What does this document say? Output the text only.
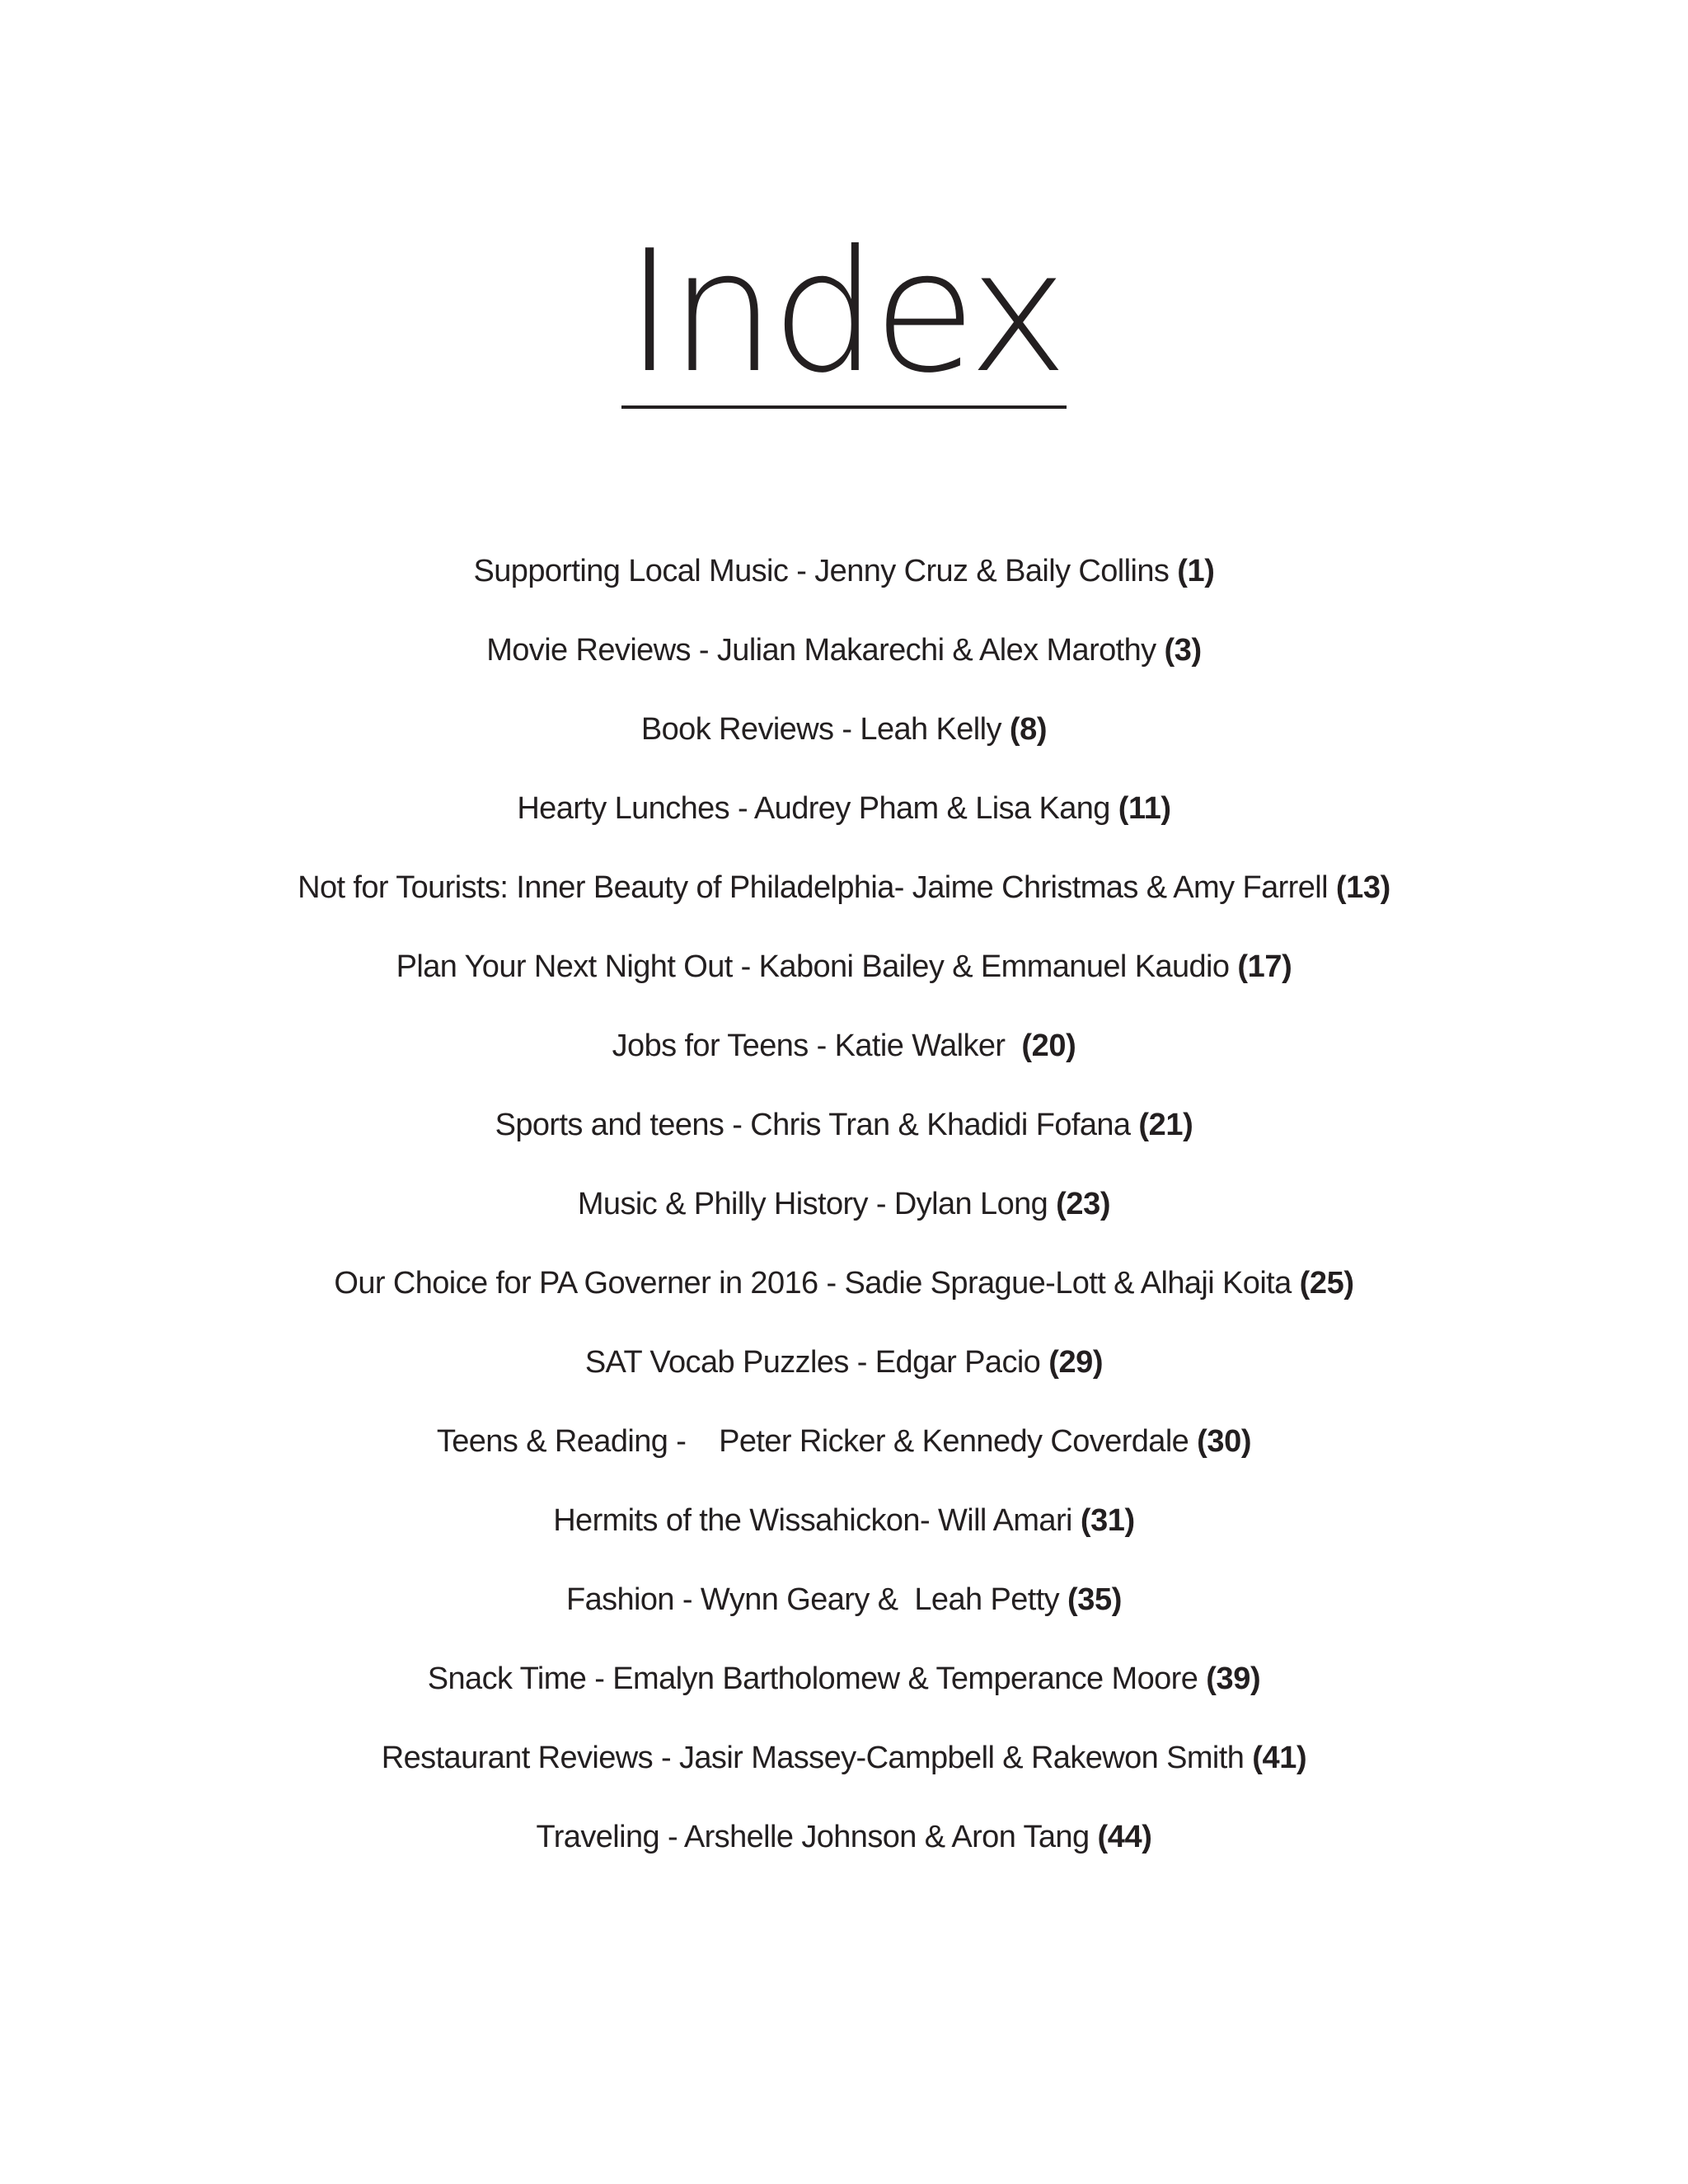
Index
Supporting Local Music - Jenny Cruz & Baily Collins (1)
Movie Reviews - Julian Makarechi & Alex Marothy (3)
Book Reviews - Leah Kelly (8)
Hearty Lunches - Audrey Pham & Lisa Kang (11)
Not for Tourists: Inner Beauty of Philadelphia- Jaime Christmas & Amy Farrell (13)
Plan Your Next Night Out - Kaboni Bailey & Emmanuel Kaudio (17)
Jobs for Teens - Katie Walker  (20)
Sports and teens - Chris Tran & Khadidi Fofana (21)
Music & Philly History - Dylan Long (23)
Our Choice for PA Governer in 2016 - Sadie Sprague-Lott & Alhaji Koita (25)
SAT Vocab Puzzles - Edgar Pacio (29)
Teens & Reading -    Peter Ricker & Kennedy Coverdale (30)
Hermits of the Wissahickon- Will Amari (31)
Fashion - Wynn Geary &  Leah Petty (35)
Snack Time - Emalyn Bartholomew & Temperance Moore (39)
Restaurant Reviews - Jasir Massey-Campbell & Rakewon Smith (41)
Traveling - Arshelle Johnson & Aron Tang (44)
